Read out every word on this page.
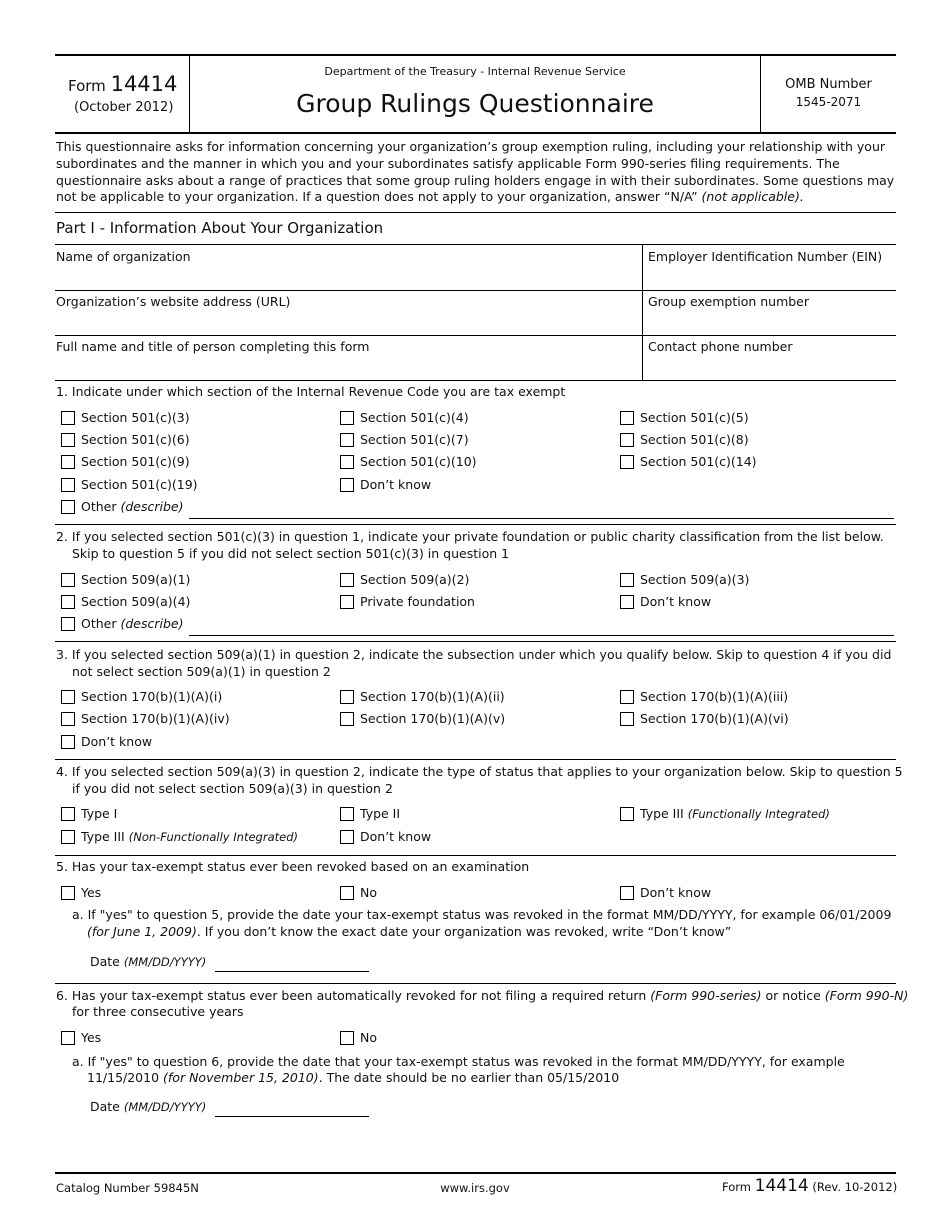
Form 14414
(October 2012)
Department of the Treasury - Internal Revenue Service
Group Rulings Questionnaire
OMB Number
1545-2071
This questionnaire asks for information concerning your organization’s group exemption ruling, including your relationship with your
subordinates and the manner in which you and your subordinates satisfy applicable Form 990-series filing requirements. The
questionnaire asks about a range of practices that some group ruling holders engage in with their subordinates. Some questions may
not be applicable to your organization. If a question does not apply to your organization, answer “N/A” (not applicable).
Part I - Information About Your Organization
Name of organization	Employer Identification Number (EIN)
Organization’s website address (URL)	Group exemption number
Full name and title of person completing this form	Contact phone number
1. Indicate under which section of the Internal Revenue Code you are tax exempt
Section 501(c)(3)	Section 501(c)(4)	Section 501(c)(5)
Section 501(c)(6)	Section 501(c)(7)	Section 501(c)(8)
Section 501(c)(9)	Section 501(c)(10)	Section 501(c)(14)
Section 501(c)(19)	Don’t know
Other (describe)
2. If you selected section 501(c)(3) in question 1, indicate your private foundation or public charity classification from the list below.
Skip to question 5 if you did not select section 501(c)(3) in question 1
Section 509(a)(1)	Section 509(a)(2)	Section 509(a)(3)
Section 509(a)(4)	Private foundation	Don’t know
Other (describe)
3. If you selected section 509(a)(1) in question 2, indicate the subsection under which you qualify below. Skip to question 4 if you did
not select section 509(a)(1) in question 2
Section 170(b)(1)(A)(i)	Section 170(b)(1)(A)(ii)	Section 170(b)(1)(A)(iii)
Section 170(b)(1)(A)(iv)	Section 170(b)(1)(A)(v)	Section 170(b)(1)(A)(vi)
Don’t know
4. If you selected section 509(a)(3) in question 2, indicate the type of status that applies to your organization below. Skip to question 5
if you did not select section 509(a)(3) in question 2
Type I	Type II	Type III (Functionally Integrated)
Type III (Non-Functionally Integrated)	Don’t know
5. Has your tax-exempt status ever been revoked based on an examination
Yes	No	Don’t know
a. If "yes" to question 5, provide the date your tax-exempt status was revoked in the format MM/DD/YYYY, for example 06/01/2009
(for June 1, 2009). If you don’t know the exact date your organization was revoked, write “Don’t know”
Date (MM/DD/YYYY)
6. Has your tax-exempt status ever been automatically revoked for not filing a required return (Form 990-series) or notice (Form 990-N)
for three consecutive years
Yes	No
a. If "yes" to question 6, provide the date that your tax-exempt status was revoked in the format MM/DD/YYYY, for example
11/15/2010 (for November 15, 2010). The date should be no earlier than 05/15/2010
Date (MM/DD/YYYY)
Catalog Number 59845N	www.irs.gov	Form 14414 (Rev. 10-2012)
